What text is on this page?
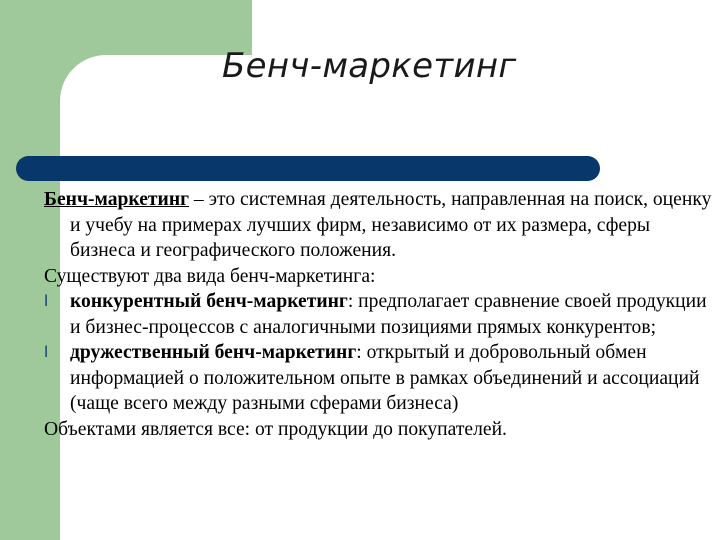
Бенч-маркетинг

Бенч-маркетинг – это системная деятельность, направленная на поиск, оценку и учебу на примерах лучших фирм, независимо от их размера, сферы бизнеса и географического положения.

Существуют два вида бенч-маркетинга:

l	конкурентный бенч-маркетинг: предполагает сравнение своей продукции и бизнес-процессов с аналогичными позициями прямых конкурентов;
l	дружественный бенч-маркетинг: открытый и добровольный обмен информацией о положительном опыте в рамках объединений и ассоциаций (чаще всего между разными сферами бизнеса)

Объектами является все: от продукции до покупателей.
